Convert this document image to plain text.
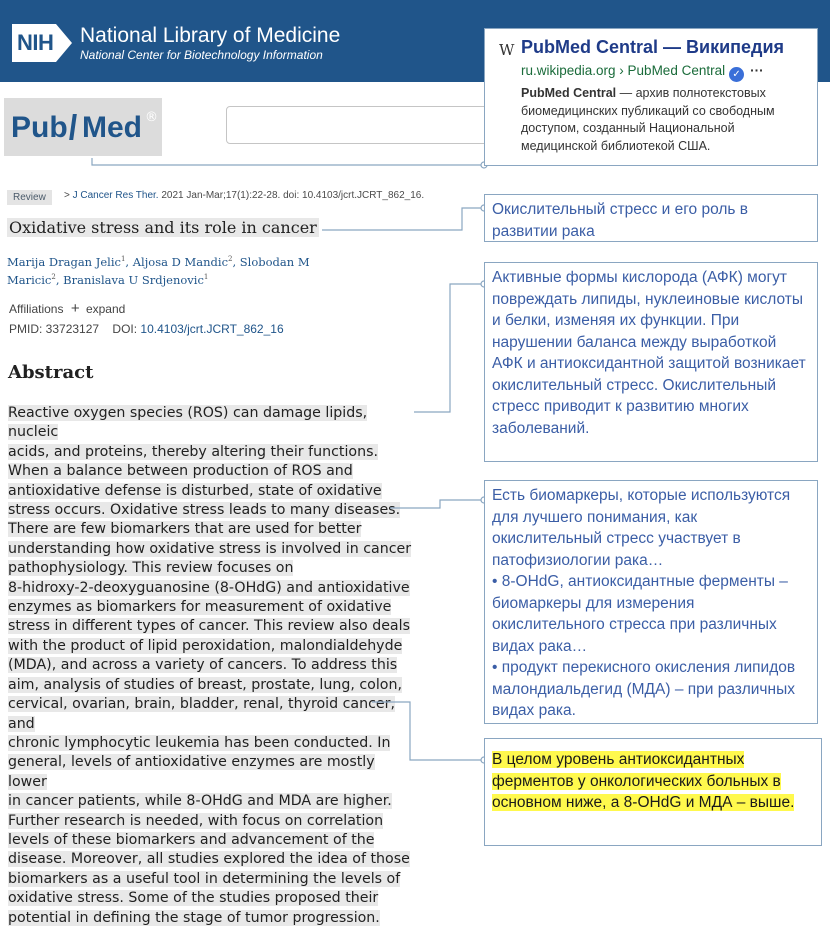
NIH National Library of Medicine
National Center for Biotechnology Information
Pub Med ®
Review	> J Cancer Res Ther. 2021 Jan-Mar;17(1):22-28. doi: 10.4103/jcrt.JCRT_862_16.
Oxidative stress and its role in cancer
Marija Dragan Jelic$^1$, Aljosa D Mandic$^2$, Slobodan M Maricic$^2$, Branislava U Srdjenovic$^1$
Affiliations + expand
PMID: 33723127 DOI: 10.4103/jcrt.JCRT_862_16
Abstract
Reactive oxygen species (ROS) can damage lipids, nucleic
acids, and proteins, thereby altering their functions.
When a balance between production of ROS and
antioxidative defense is disturbed, state of oxidative
stress occurs. Oxidative stress leads to many diseases.
There are few biomarkers that are used for better
understanding how oxidative stress is involved in cancer
pathophysiology. This review focuses on
8-hidroxy-2-deoxyguanosine (8-OHdG) and antioxidative
enzymes as biomarkers for measurement of oxidative
stress in different types of cancer. This review also deals
with the product of lipid peroxidation, malondialdehyde
(MDA), and across a variety of cancers. To address this
aim, analysis of studies of breast, prostate, lung, colon,
cervical, ovarian, brain, bladder, renal, thyroid cancer, and
chronic lymphocytic leukemia has been conducted. In
general, levels of antioxidative enzymes are mostly lower
in cancer patients, while 8-OHdG and MDA are higher.
Further research is needed, with focus on correlation
levels of these biomarkers and advancement of the
disease. Moreover, all studies explored the idea of those
biomarkers as a useful tool in determining the levels of
oxidative stress. Some of the studies proposed their
potential in defining the stage of tumor progression.
W PubMed Central — Википедия
ru.wikipedia.org › PubMed Central ✓ ···
PubMed Central — архив полнотекстовых биомедицинских публикаций со свободным доступом, созданный Национальной медицинской библиотекой США.
Окислительный стресс и его роль в развитии рака
Активные формы кислорода (АФК) могут повреждать липиды, нуклеиновые кислоты и белки, изменяя их функции. При нарушении баланса между выработкой АФК и антиоксидантной защитой возникает окислительный стресс. Окислительный стресс приводит к развитию многих заболеваний.
Есть биомаркеры, которые используются для лучшего понимания, как окислительный стресс участвует в патофизиологии рака…
• 8-OHdG, антиоксидантные ферменты – биомаркеры для измерения окислительного стресса при различных видах рака…
• продукт перекисного окисления липидов малондиальдегид (МДА) – при различных видах рака.
В целом уровень антиоксидантных ферментов у онкологических больных в основном ниже, а 8-OHdG и МДА – выше.
